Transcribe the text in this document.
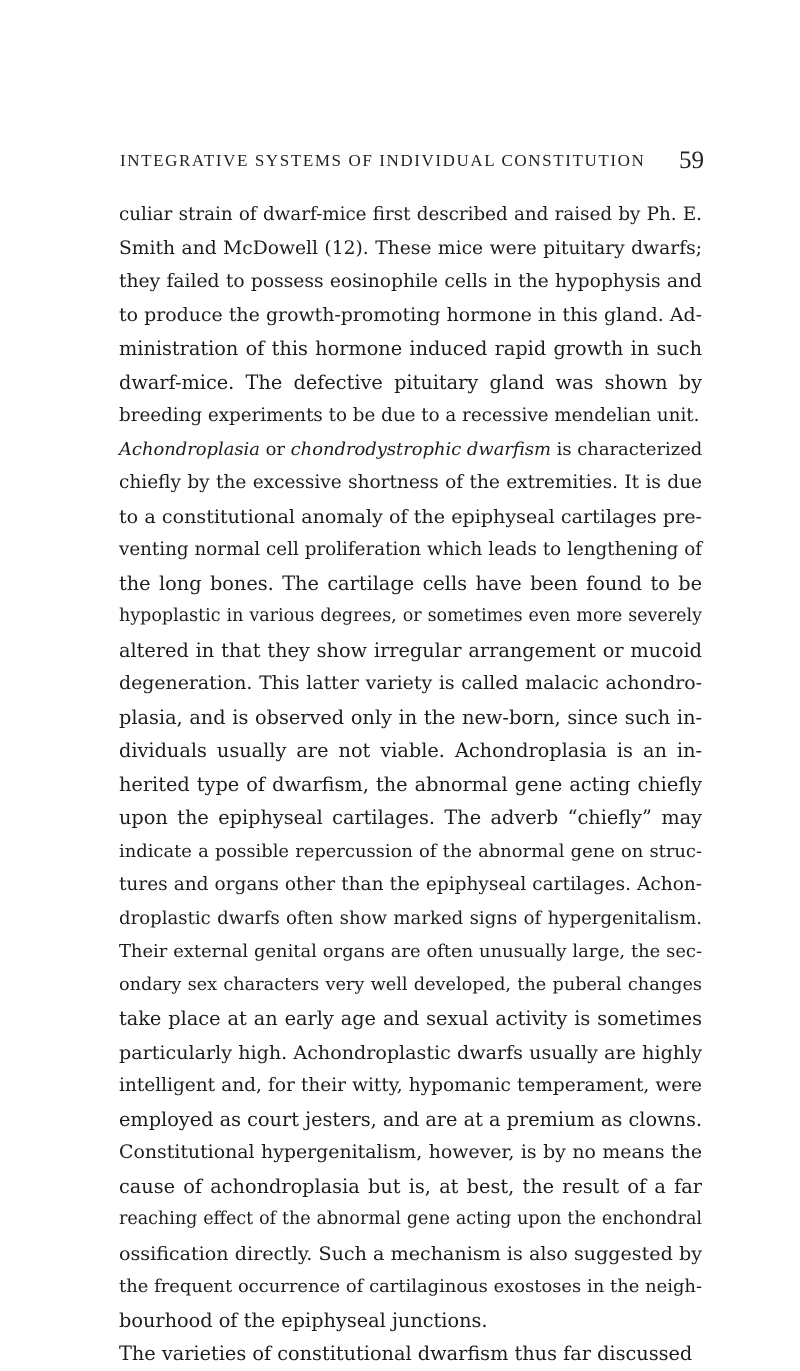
INTEGRATIVE SYSTEMS OF INDIVIDUAL CONSTITUTION 59
culiar strain of dwarf-mice first described and raised by Ph. E.
Smith and McDowell (12). These mice were pituitary dwarfs;
they failed to possess eosinophile cells in the hypophysis and
to produce the growth-promoting hormone in this gland. Ad-
ministration of this hormone induced rapid growth in such
dwarf-mice. The defective pituitary gland was shown by
breeding experiments to be due to a recessive mendelian unit.
Achondroplasia or chondrodystrophic dwarfism is characterized
chiefly by the excessive shortness of the extremities. It is due
to a constitutional anomaly of the epiphyseal cartilages pre-
venting normal cell proliferation which leads to lengthening of
the long bones. The cartilage cells have been found to be
hypoplastic in various degrees, or sometimes even more severely
altered in that they show irregular arrangement or mucoid
degeneration. This latter variety is called malacic achondro-
plasia, and is observed only in the new-born, since such in-
dividuals usually are not viable. Achondroplasia is an in-
herited type of dwarfism, the abnormal gene acting chiefly
upon the epiphyseal cartilages. The adverb “chiefly” may
indicate a possible repercussion of the abnormal gene on struc-
tures and organs other than the epiphyseal cartilages. Achon-
droplastic dwarfs often show marked signs of hypergenitalism.
Their external genital organs are often unusually large, the sec-
ondary sex characters very well developed, the puberal changes
take place at an early age and sexual activity is sometimes
particularly high. Achondroplastic dwarfs usually are highly
intelligent and, for their witty, hypomanic temperament, were
employed as court jesters, and are at a premium as clowns.
Constitutional hypergenitalism, however, is by no means the
cause of achondroplasia but is, at best, the result of a far
reaching effect of the abnormal gene acting upon the enchondral
ossification directly. Such a mechanism is also suggested by
the frequent occurrence of cartilaginous exostoses in the neigh-
bourhood of the epiphyseal junctions.
The varieties of constitutional dwarfism thus far discussed
